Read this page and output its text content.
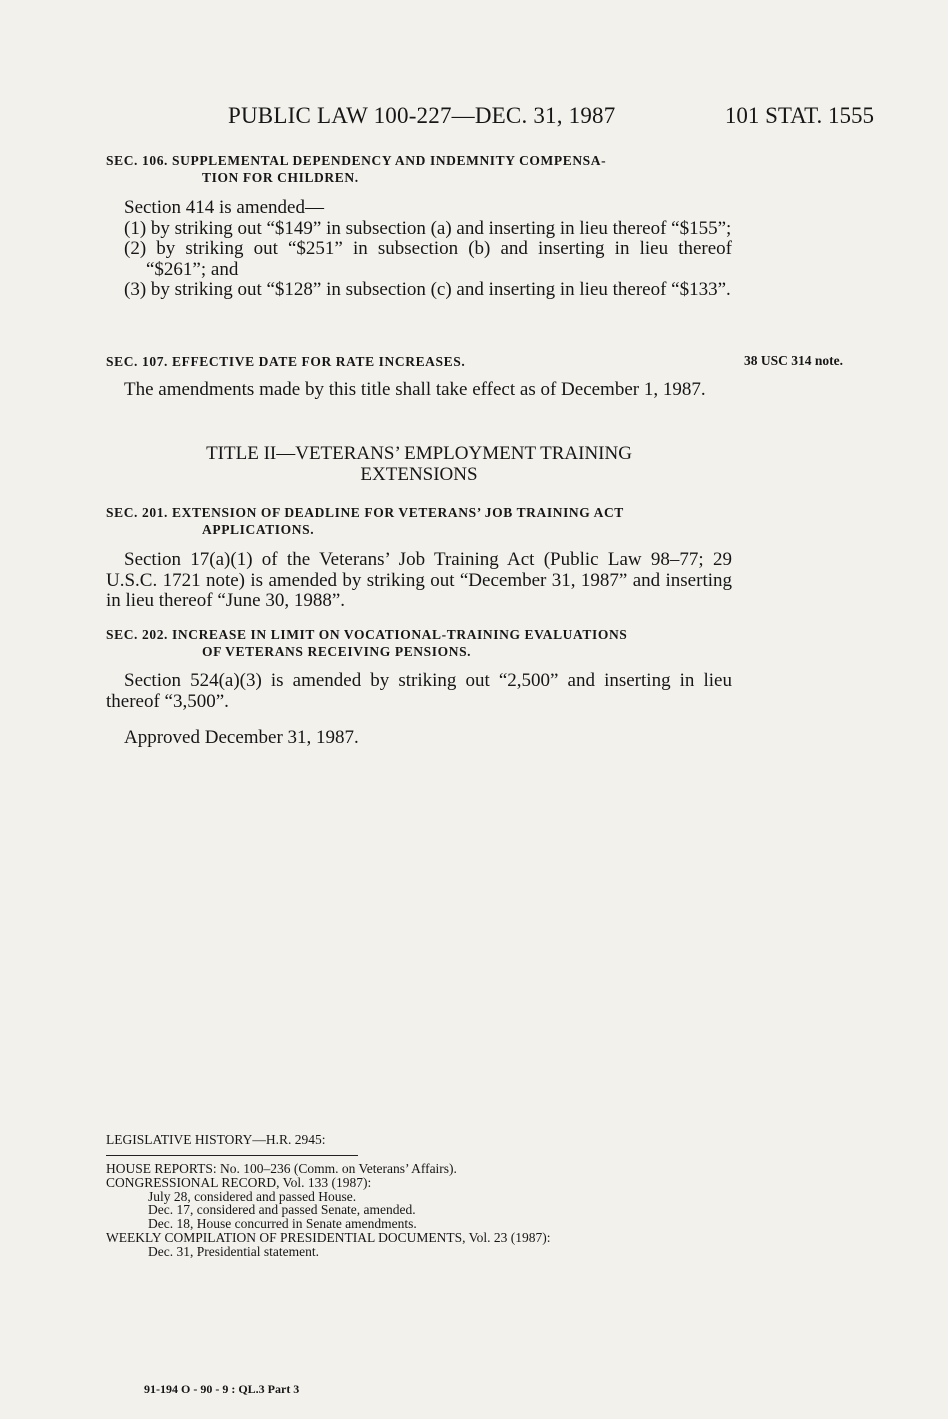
PUBLIC LAW 100-227—DEC. 31, 1987	101 STAT. 1555
SEC. 106. SUPPLEMENTAL DEPENDENCY AND INDEMNITY COMPENSA-
TION FOR CHILDREN.
Section 414 is amended—
(1) by striking out “$149” in subsection (a) and inserting in lieu thereof “$155”;
(2) by striking out “$251” in subsection (b) and inserting in lieu thereof “$261”; and
(3) by striking out “$128” in subsection (c) and inserting in lieu thereof “$133”.
SEC. 107. EFFECTIVE DATE FOR RATE INCREASES.	38 USC 314 note.
The amendments made by this title shall take effect as of December 1, 1987.
TITLE II—VETERANS’ EMPLOYMENT TRAINING
EXTENSIONS
SEC. 201. EXTENSION OF DEADLINE FOR VETERANS’ JOB TRAINING ACT
APPLICATIONS.
Section 17(a)(1) of the Veterans’ Job Training Act (Public Law 98–77; 29 U.S.C. 1721 note) is amended by striking out “December 31, 1987” and inserting in lieu thereof “June 30, 1988”.
SEC. 202. INCREASE IN LIMIT ON VOCATIONAL-TRAINING EVALUATIONS
OF VETERANS RECEIVING PENSIONS.
Section 524(a)(3) is amended by striking out “2,500” and inserting in lieu thereof “3,500”.
Approved December 31, 1987.
LEGISLATIVE HISTORY—H.R. 2945:
HOUSE REPORTS: No. 100–236 (Comm. on Veterans’ Affairs).
CONGRESSIONAL RECORD, Vol. 133 (1987):
July 28, considered and passed House.
Dec. 17, considered and passed Senate, amended.
Dec. 18, House concurred in Senate amendments.
WEEKLY COMPILATION OF PRESIDENTIAL DOCUMENTS, Vol. 23 (1987):
Dec. 31, Presidential statement.
91-194 O - 90 - 9 : QL.3 Part 3
